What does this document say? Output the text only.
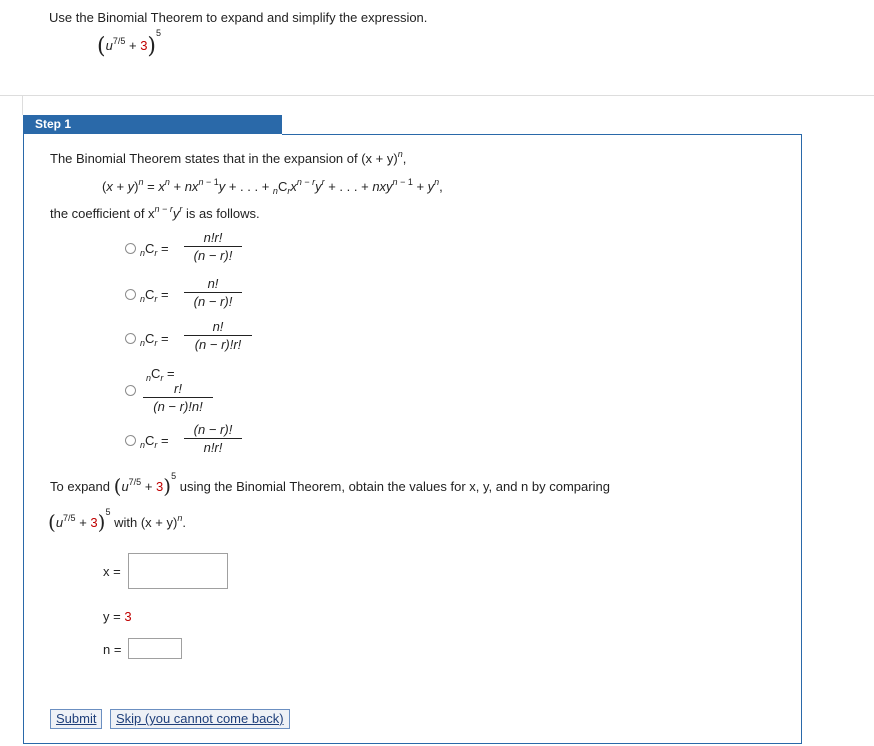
Use the Binomial Theorem to expand and simplify the expression.
$(u^{7/5} + 3)^5$
Step 1
The Binomial Theorem states that in the expansion of $(x + y)^n$,
$(x + y)^n = x^n + nx^{n - 1}y$ + . . . + $_nC_rx^{n - r}y^r$ + . . . + $nxy^{n - 1} + y^n$,
the coefficient of $x^{n - r}y^r$ is as follows.
$_nC_r = \frac{n!r!}{(n - r)!}$
$_nC_r = \frac{n!}{(n - r)!}$
$_nC_r = \frac{n!}{(n - r)!r!}$
$_nC_r$ =
$\frac{r!}{(n - r)!n!}$
$_nC_r = \frac{(n - r)!}{n!r!}$
To expand $(u^{7/5} + 3)^5$ using the Binomial Theorem, obtain the values for x, y, and n by comparing
$(u^{7/5} + 3)^5$ with $(x + y)^n$.
x =
y = 3
n =
Submit	Skip (you cannot come back)
